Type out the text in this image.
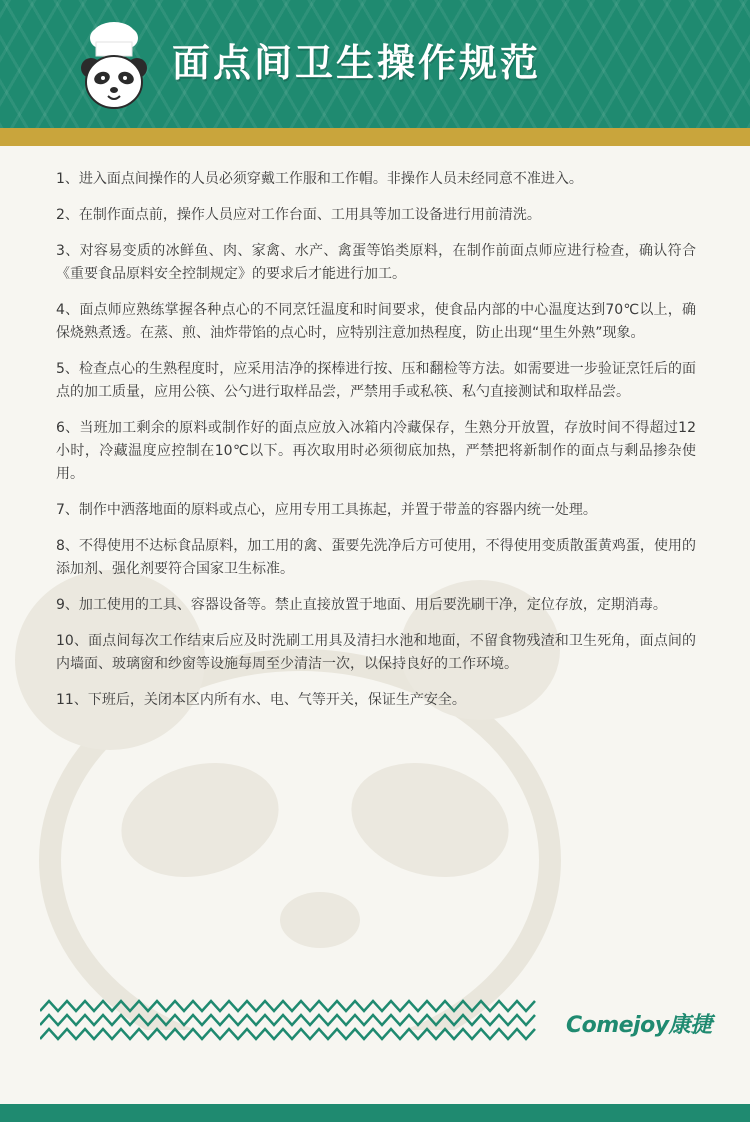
面点间卫生操作规范
1、进入面点间操作的人员必须穿戴工作服和工作帽。非操作人员未经同意不准进入。
2、在制作面点前，操作人员应对工作台面、工用具等加工设备进行用前清洗。
3、对容易变质的冰鲜鱼、肉、家禽、水产、禽蛋等馅类原料，在制作前面点师应进行检查，确认符合《重要食品原料安全控制规定》的要求后才能进行加工。
4、面点师应熟练掌握各种点心的不同烹饪温度和时间要求，使食品内部的中心温度达到70℃以上，确保烧熟煮透。在蒸、煎、油炸带馅的点心时，应特别注意加热程度，防止出现“里生外熟”现象。
5、检查点心的生熟程度时，应采用洁净的探棒进行按、压和翻检等方法。如需要进一步验证烹饪后的面点的加工质量，应用公筷、公勺进行取样品尝，严禁用手或私筷、私勺直接测试和取样品尝。
6、当班加工剩余的原料或制作好的面点应放入冰箱内冷藏保存，生熟分开放置，存放时间不得超过12小时，冷藏温度应控制在10℃以下。再次取用时必须彻底加热，严禁把将新制作的面点与剩品掺杂使用。
7、制作中洒落地面的原料或点心，应用专用工具拣起，并置于带盖的容器内统一处理。
8、不得使用不达标食品原料，加工用的禽、蛋要先洗净后方可使用，不得使用变质散蛋黄鸡蛋，使用的添加剂、强化剂要符合国家卫生标准。
9、加工使用的工具、容器设备等。禁止直接放置于地面、用后要洗刷干净，定位存放，定期消毒。
10、面点间每次工作结束后应及时洗刷工用具及清扫水池和地面，不留食物残渣和卫生死角，面点间的内墙面、玻璃窗和纱窗等设施每周至少清洁一次，以保持良好的工作环境。
11、下班后，关闭本区内所有水、电、气等开关，保证生产安全。
Comejoy康捷
